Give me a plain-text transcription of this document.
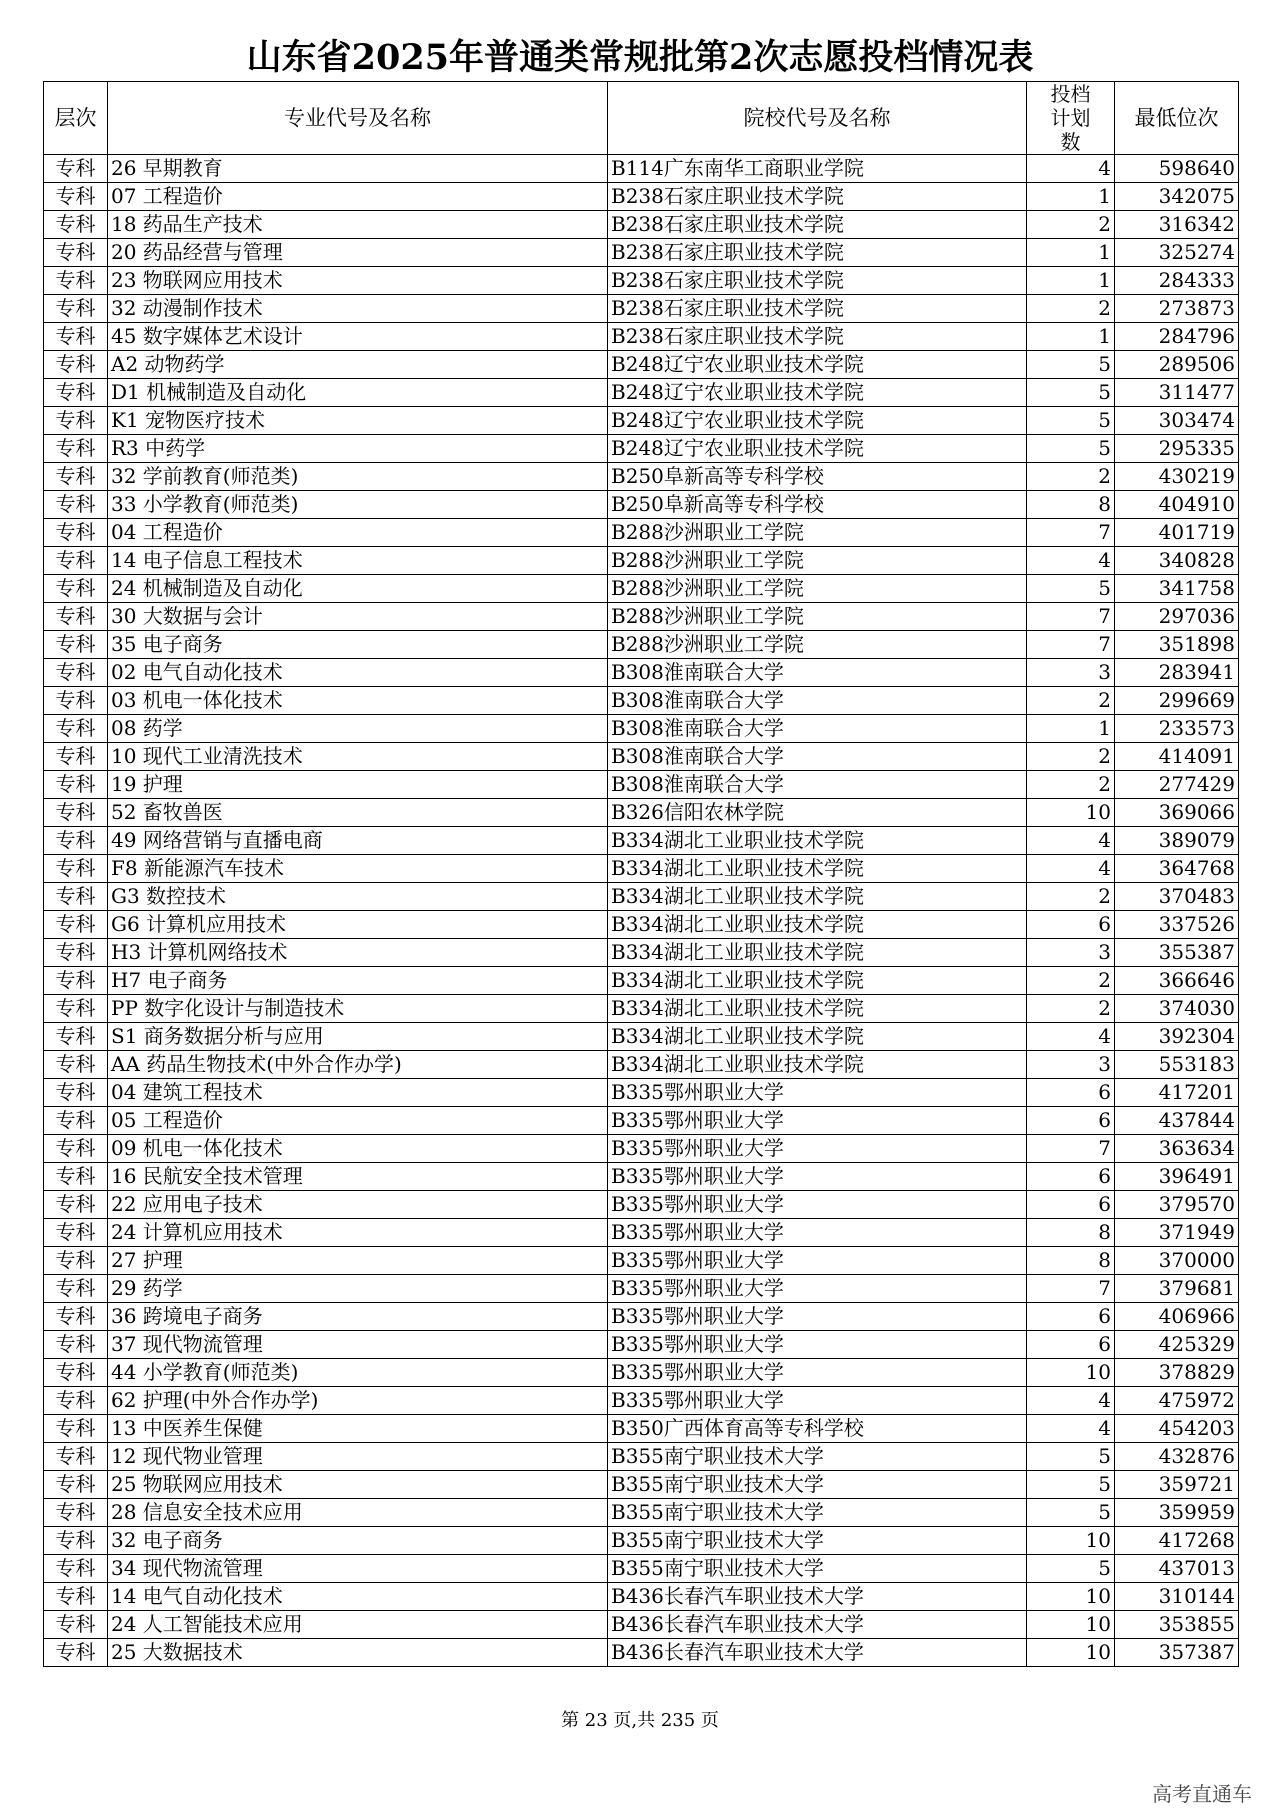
山东省2025年普通类常规批第2次志愿投档情况表
层次	专业代号及名称	院校代号及名称	投档计划数	最低位次
专科	26 早期教育	B114广东南华工商职业学院	4	598640
专科	07 工程造价	B238石家庄职业技术学院	1	342075
专科	18 药品生产技术	B238石家庄职业技术学院	2	316342
专科	20 药品经营与管理	B238石家庄职业技术学院	1	325274
专科	23 物联网应用技术	B238石家庄职业技术学院	1	284333
专科	32 动漫制作技术	B238石家庄职业技术学院	2	273873
专科	45 数字媒体艺术设计	B238石家庄职业技术学院	1	284796
专科	A2 动物药学	B248辽宁农业职业技术学院	5	289506
专科	D1 机械制造及自动化	B248辽宁农业职业技术学院	5	311477
专科	K1 宠物医疗技术	B248辽宁农业职业技术学院	5	303474
专科	R3 中药学	B248辽宁农业职业技术学院	5	295335
专科	32 学前教育(师范类)	B250阜新高等专科学校	2	430219
专科	33 小学教育(师范类)	B250阜新高等专科学校	8	404910
专科	04 工程造价	B288沙洲职业工学院	7	401719
专科	14 电子信息工程技术	B288沙洲职业工学院	4	340828
专科	24 机械制造及自动化	B288沙洲职业工学院	5	341758
专科	30 大数据与会计	B288沙洲职业工学院	7	297036
专科	35 电子商务	B288沙洲职业工学院	7	351898
专科	02 电气自动化技术	B308淮南联合大学	3	283941
专科	03 机电一体化技术	B308淮南联合大学	2	299669
专科	08 药学	B308淮南联合大学	1	233573
专科	10 现代工业清洗技术	B308淮南联合大学	2	414091
专科	19 护理	B308淮南联合大学	2	277429
专科	52 畜牧兽医	B326信阳农林学院	10	369066
专科	49 网络营销与直播电商	B334湖北工业职业技术学院	4	389079
专科	F8 新能源汽车技术	B334湖北工业职业技术学院	4	364768
专科	G3 数控技术	B334湖北工业职业技术学院	2	370483
专科	G6 计算机应用技术	B334湖北工业职业技术学院	6	337526
专科	H3 计算机网络技术	B334湖北工业职业技术学院	3	355387
专科	H7 电子商务	B334湖北工业职业技术学院	2	366646
专科	PP 数字化设计与制造技术	B334湖北工业职业技术学院	2	374030
专科	S1 商务数据分析与应用	B334湖北工业职业技术学院	4	392304
专科	AA 药品生物技术(中外合作办学)	B334湖北工业职业技术学院	3	553183
专科	04 建筑工程技术	B335鄂州职业大学	6	417201
专科	05 工程造价	B335鄂州职业大学	6	437844
专科	09 机电一体化技术	B335鄂州职业大学	7	363634
专科	16 民航安全技术管理	B335鄂州职业大学	6	396491
专科	22 应用电子技术	B335鄂州职业大学	6	379570
专科	24 计算机应用技术	B335鄂州职业大学	8	371949
专科	27 护理	B335鄂州职业大学	8	370000
专科	29 药学	B335鄂州职业大学	7	379681
专科	36 跨境电子商务	B335鄂州职业大学	6	406966
专科	37 现代物流管理	B335鄂州职业大学	6	425329
专科	44 小学教育(师范类)	B335鄂州职业大学	10	378829
专科	62 护理(中外合作办学)	B335鄂州职业大学	4	475972
专科	13 中医养生保健	B350广西体育高等专科学校	4	454203
专科	12 现代物业管理	B355南宁职业技术大学	5	432876
专科	25 物联网应用技术	B355南宁职业技术大学	5	359721
专科	28 信息安全技术应用	B355南宁职业技术大学	5	359959
专科	32 电子商务	B355南宁职业技术大学	10	417268
专科	34 现代物流管理	B355南宁职业技术大学	5	437013
专科	14 电气自动化技术	B436长春汽车职业技术大学	10	310144
专科	24 人工智能技术应用	B436长春汽车职业技术大学	10	353855
专科	25 大数据技术	B436长春汽车职业技术大学	10	357387
第 23 页,共 235 页
高考直通车
